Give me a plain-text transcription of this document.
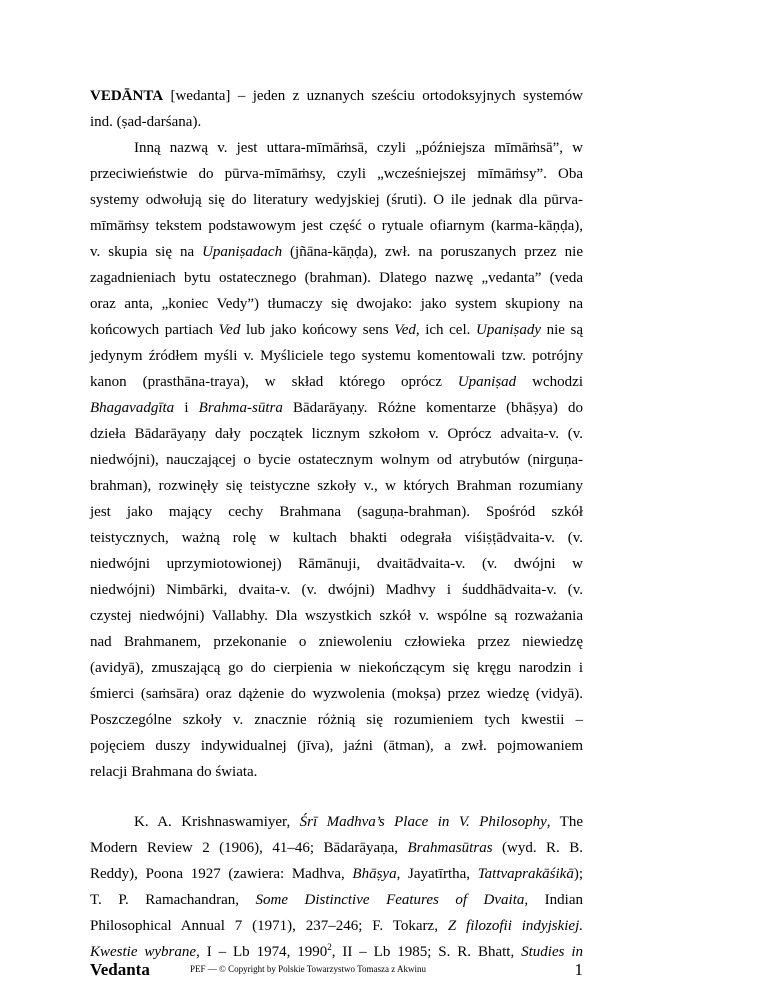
VEDĀNTA [wedanta] – jeden z uznanych sześciu ortodoksyjnych systemów
ind. (ṣad-darśana).
Inną nazwą v. jest uttara-mīmāṁsā, czyli „późniejsza mīmāṁsā”, w
przeciwieństwie do pūrva-mīmāṁsy, czyli „wcześniejszej mīmāṁsy”. Oba
systemy odwołują się do literatury wedyjskiej (śruti). O ile jednak dla pūrva-
mīmāṁsy tekstem podstawowym jest część o rytuale ofiarnym (karma-kāṇḍa),
v. skupia się na Upaniṣadach (jñāna-kāṇḍa), zwł. na poruszanych przez nie
zagadnieniach bytu ostatecznego (brahman). Dlatego nazwę „vedanta” (veda
oraz anta, „koniec Vedy”) tłumaczy się dwojako: jako system skupiony na
końcowych partiach Ved lub jako końcowy sens Ved, ich cel. Upaniṣady nie są
jedynym źródłem myśli v. Myśliciele tego systemu komentowali tzw. potrójny
kanon (prasthāna-traya), w skład którego oprócz Upaniṣad wchodzi
Bhagavadgīta i Brahma-sūtra Bādarāyaṇy. Różne komentarze (bhāṣya) do
dzieła Bādarāyaṇy dały początek licznym szkołom v. Oprócz advaita-v. (v.
niedwójni), nauczającej o bycie ostatecznym wolnym od atrybutów (nirguṇa-
brahman), rozwinęły się teistyczne szkoły v., w których Brahman rozumiany
jest jako mający cechy Brahmana (saguṇa-brahman). Spośród szkół
teistycznych, ważną rolę w kultach bhakti odegrała viśiṣṭādvaita-v. (v.
niedwójni uprzymiotowionej) Rāmānuji, dvaitādvaita-v. (v. dwójni w
niedwójni) Nimbārki, dvaita-v. (v. dwójni) Madhvy i śuddhādvaita-v. (v.
czystej niedwójni) Vallabhy. Dla wszystkich szkół v. wspólne są rozważania
nad Brahmanem, przekonanie o zniewoleniu człowieka przez niewiedzę
(avidyā), zmuszającą go do cierpienia w niekończącym się kręgu narodzin i
śmierci (saṁsāra) oraz dążenie do wyzwolenia (mokṣa) przez wiedzę (vidyā).
Poszczególne szkoły v. znacznie różnią się rozumieniem tych kwestii –
pojęciem duszy indywidualnej (jīva), jaźni (ātman), a zwł. pojmowaniem
relacji Brahmana do świata.
K. A. Krishnaswamiyer, Śrī Madhva’s Place in V. Philosophy, The
Modern Review 2 (1906), 41–46; Bādarāyaṇa, Brahmasūtras (wyd. R. B.
Reddy), Poona 1927 (zawiera: Madhva, Bhāṣya, Jayatīrtha, Tattvaprakāśikā);
T. P. Ramachandran, Some Distinctive Features of Dvaita, Indian
Philosophical Annual 7 (1971), 237–246; F. Tokarz, Z filozofii indyjskiej.
Kwestie wybrane, I – Lb 1974, 1990$^2$, II – Lb 1985; S. R. Bhatt, Studies in
Vedanta	PEF — © Copyright by Polskie Towarzystwo Tomasza z Akwinu	1
